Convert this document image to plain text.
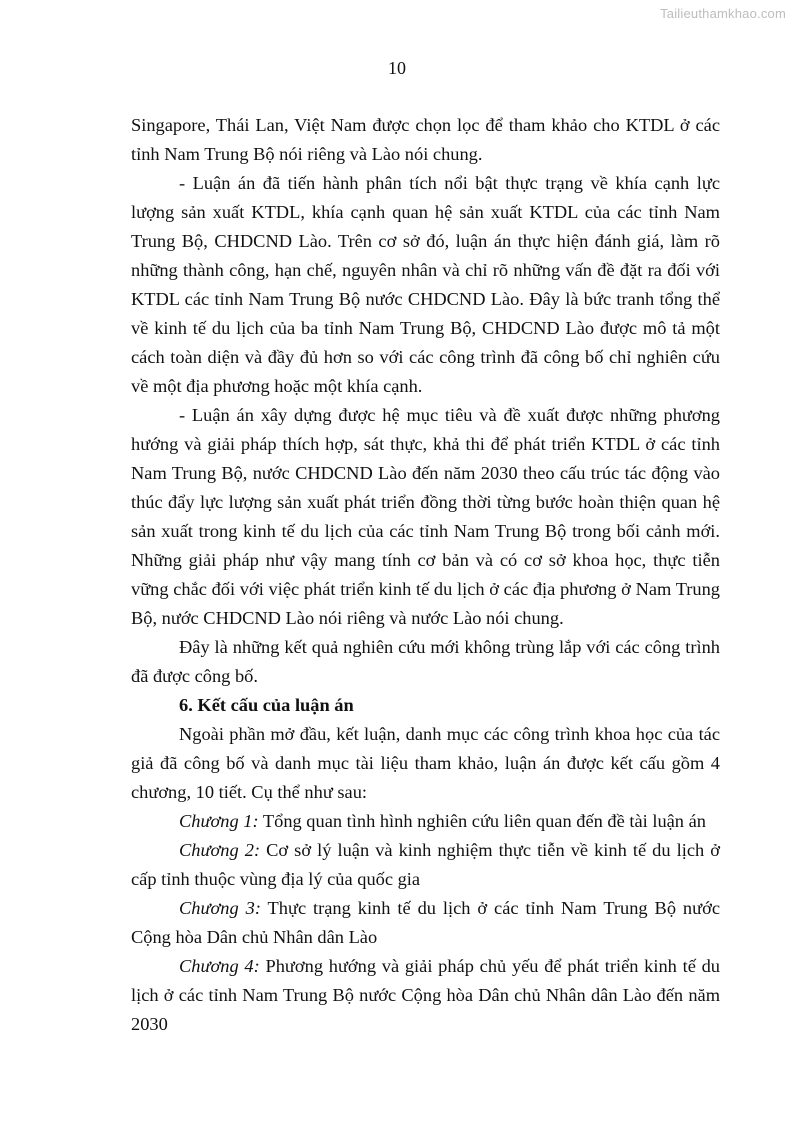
Tailieuthamkhao.com
10

Singapore, Thái Lan, Việt Nam được chọn lọc để tham khảo cho KTDL ở các tỉnh Nam Trung Bộ nói riêng và Lào nói chung.

- Luận án đã tiến hành phân tích nổi bật thực trạng về khía cạnh lực lượng sản xuất KTDL, khía cạnh quan hệ sản xuất KTDL của các tỉnh Nam Trung Bộ, CHDCND Lào. Trên cơ sở đó, luận án thực hiện đánh giá, làm rõ những thành công, hạn chế, nguyên nhân và chỉ rõ những vấn đề đặt ra đối với KTDL các tỉnh Nam Trung Bộ nước CHDCND Lào. Đây là bức tranh tổng thể về kinh tế du lịch của ba tỉnh Nam Trung Bộ, CHDCND Lào được mô tả một cách toàn diện và đầy đủ hơn so với các công trình đã công bố chỉ nghiên cứu về một địa phương hoặc một khía cạnh.

- Luận án xây dựng được hệ mục tiêu và đề xuất được những phương hướng và giải pháp thích hợp, sát thực, khả thi để phát triển KTDL ở các tỉnh Nam Trung Bộ, nước CHDCND Lào đến năm 2030 theo cấu trúc tác động vào thúc đẩy lực lượng sản xuất phát triển đồng thời từng bước hoàn thiện quan hệ sản xuất trong kinh tế du lịch của các tỉnh Nam Trung Bộ trong bối cảnh mới. Những giải pháp như vậy mang tính cơ bản và có cơ sở khoa học, thực tiễn vững chắc đối với việc phát triển kinh tế du lịch ở các địa phương ở Nam Trung Bộ, nước CHDCND Lào nói riêng và nước Lào nói chung.

Đây là những kết quả nghiên cứu mới không trùng lắp với các công trình đã được công bố.

6. Kết cấu của luận án

Ngoài phần mở đầu, kết luận, danh mục các công trình khoa học của tác giả đã công bố và danh mục tài liệu tham khảo, luận án được kết cấu gồm 4 chương, 10 tiết. Cụ thể như sau:

Chương 1: Tổng quan tình hình nghiên cứu liên quan đến đề tài luận án

Chương 2: Cơ sở lý luận và kinh nghiệm thực tiễn về kinh tế du lịch ở cấp tỉnh thuộc vùng địa lý của quốc gia

Chương 3: Thực trạng kinh tế du lịch ở các tỉnh Nam Trung Bộ nước Cộng hòa Dân chủ Nhân dân Lào

Chương 4: Phương hướng và giải pháp chủ yếu để phát triển kinh tế du lịch ở các tỉnh Nam Trung Bộ nước Cộng hòa Dân chủ Nhân dân Lào đến năm 2030
